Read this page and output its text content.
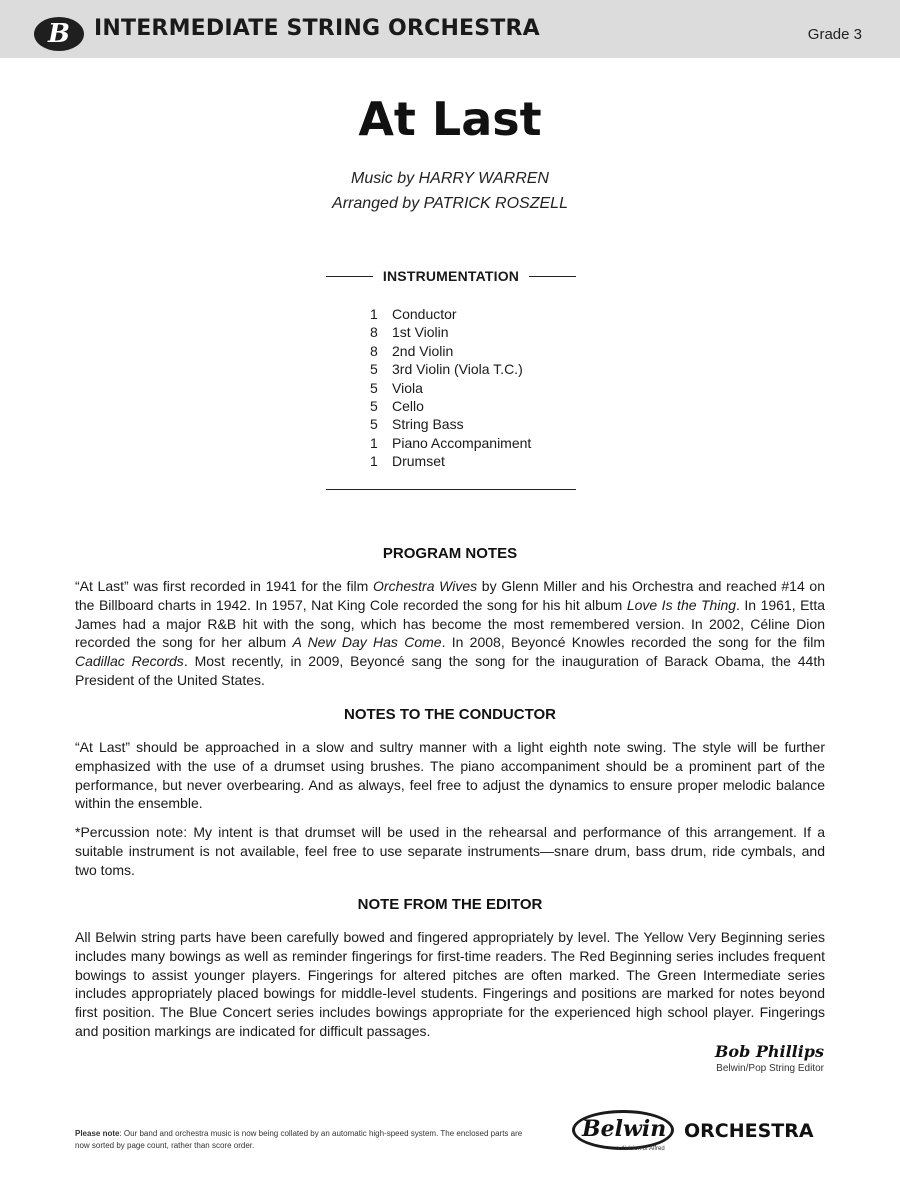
B	INTERMEDIATE STRING ORCHESTRA	Grade 3
At Last
Music by HARRY WARREN
Arranged by PATRICK ROSZELL
INSTRUMENTATION
1 Conductor
8 1st Violin
8 2nd Violin
5 3rd Violin (Viola T.C.)
5 Viola
5 Cello
5 String Bass
1 Piano Accompaniment
1 Drumset
PROGRAM NOTES

“At Last” was first recorded in 1941 for the film Orchestra Wives by Glenn Miller and his Orchestra and reached #14 on the Billboard charts in 1942. In 1957, Nat King Cole recorded the song for his hit album Love Is the Thing. In 1961, Etta James had a major R&B hit with the song, which has become the most remembered version. In 2002, Céline Dion recorded the song for her album A New Day Has Come. In 2008, Beyoncé Knowles recorded the song for the film Cadillac Records. Most recently, in 2009, Beyoncé sang the song for the inauguration of Barack Obama, the 44th President of the United States.

NOTES TO THE CONDUCTOR

“At Last” should be approached in a slow and sultry manner with a light eighth note swing. The style will be further emphasized with the use of a drumset using brushes. The piano accompaniment should be a prominent part of the performance, but never overbearing. And as always, feel free to adjust the dynamics to ensure proper melodic balance within the ensemble.

*Percussion note: My intent is that drumset will be used in the rehearsal and performance of this arrangement. If a suitable instrument is not available, feel free to use separate instruments—snare drum, bass drum, ride cymbals, and two toms.

NOTE FROM THE EDITOR

All Belwin string parts have been carefully bowed and fingered appropriately by level. The Yellow Very Beginning series includes many bowings as well as reminder fingerings for first-time readers. The Red Beginning series includes frequent bowings to assist younger players. Fingerings for altered pitches are often marked. The Green Intermediate series includes appropriately placed bowings for middle-level students. Fingerings and positions are marked for notes beyond first position. The Blue Concert series includes bowings appropriate for the experienced high school player. Fingerings and position markings are indicated for difficult passages.

Bob Phillips
Belwin/Pop String Editor
Please note: Our band and orchestra music is now being collated by an automatic high-speed system. The enclosed parts are now sorted by page count, rather than score order.
Belwin ORCHESTRA
a division of Alfred
